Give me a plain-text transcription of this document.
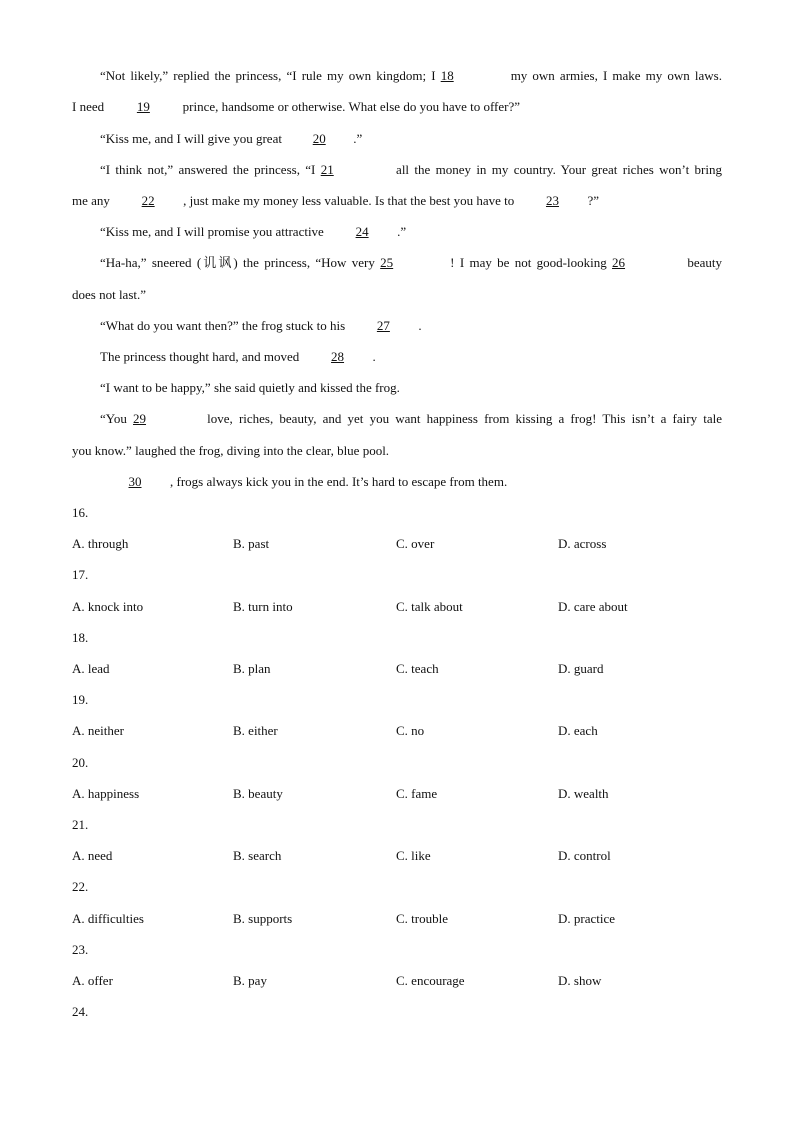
“Not likely,” replied the princess, “I rule my own kingdom; I 18	my own armies, I make my own laws.
I need 19 prince, handsome or otherwise. What else do you have to offer?”
“Kiss me, and I will give you great 20 .”
“I think not,” answered the princess, “I 21	all the money in my country. Your great riches won’t bring
me any 22 , just make my money less valuable. Is that the best you have to 23 ?”
“Kiss me, and I will promise you attractive 24 .”
“Ha-ha,” sneered (讥讽) the princess, “How very 25	! I may be not good-looking 26	beauty
does not last.”
“What do you want then?” the frog stuck to his 27 .
The princess thought hard, and moved 28 .
“I want to be happy,” she said quietly and kissed the frog.
“You 29	love, riches, beauty, and yet you want happiness from kissing a frog! This isn’t a fairy tale
you know.” laughed the frog, diving into the clear, blue pool.
30 , frogs always kick you in the end. It’s hard to escape from them.
16.
A. through	B. past	C. over	D. across
17.
A. knock into	B. turn into	C. talk about	D. care about
18.
A. lead	B. plan	C. teach	D. guard
19.
A. neither	B. either	C. no	D. each
20.
A. happiness	B. beauty	C. fame	D. wealth
21.
A. need	B. search	C. like	D. control
22.
A. difficulties	B. supports	C. trouble	D. practice
23.
A. offer	B. pay	C. encourage	D. show
24.
